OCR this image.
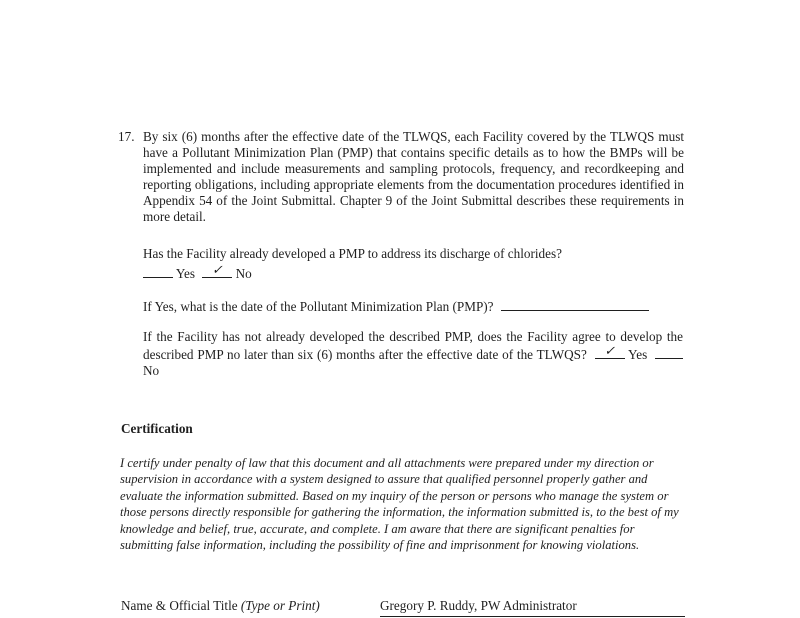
17. By six (6) months after the effective date of the TLWQS, each Facility covered by the TLWQS must have a Pollutant Minimization Plan (PMP) that contains specific details as to how the BMPs will be implemented and include measurements and sampling protocols, frequency, and recordkeeping and reporting obligations, including appropriate elements from the documentation procedures identified in Appendix 54 of the Joint Submittal. Chapter 9 of the Joint Submittal describes these requirements in more detail.
Has the Facility already developed a PMP to address its discharge of chlorides?
Yes ✓ No
If Yes, what is the date of the Pollutant Minimization Plan (PMP)?
If the Facility has not already developed the described PMP, does the Facility agree to develop the described PMP no later than six (6) months after the effective date of the TLWQS? ✓ Yes  No
Certification
I certify under penalty of law that this document and all attachments were prepared under my direction or supervision in accordance with a system designed to assure that qualified personnel properly gather and evaluate the information submitted. Based on my inquiry of the person or persons who manage the system or those persons directly responsible for gathering the information, the information submitted is, to the best of my knowledge and belief, true, accurate, and complete. I am aware that there are significant penalties for submitting false information, including the possibility of fine and imprisonment for knowing violations.
Name & Official Title (Type or Print)	Gregory P. Ruddy, PW Administrator
